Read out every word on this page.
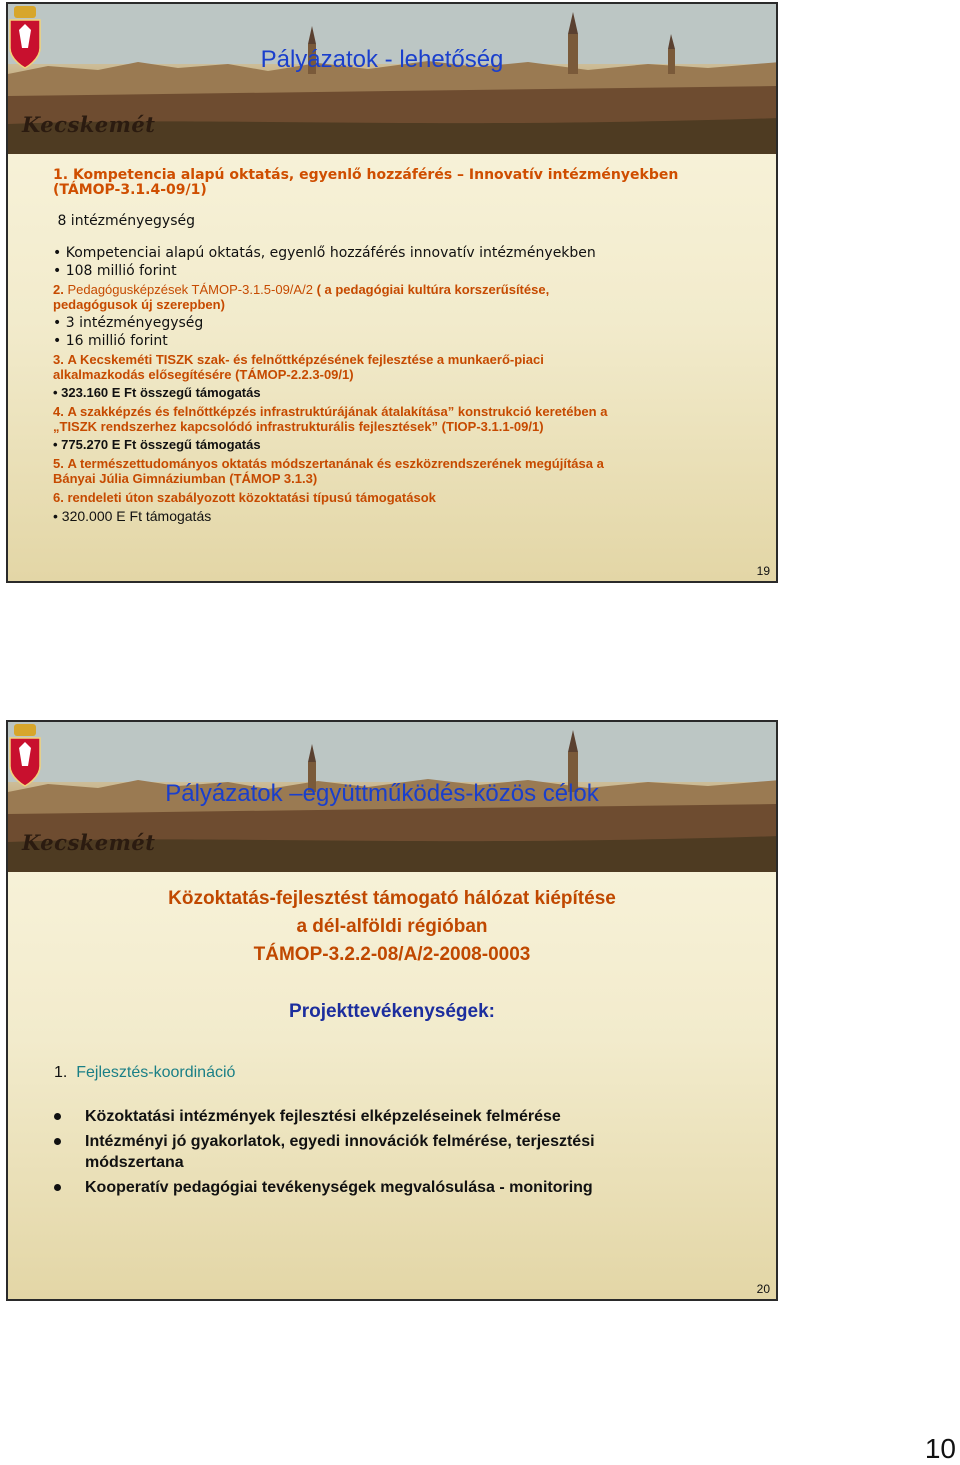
Kecskemét
Pályázatok - lehetőség

1. Kompetencia alapú oktatás, egyenlő hozzáférés – Innovatív intézményekben

(TÁMOP-3.1.4-09/1)

8 intézményegység

• Kompetenciai alapú oktatás, egyenlő hozzáférés innovatív intézményekben

• 108 millió forint

2. Pedagógusképzések TÁMOP-3.1.5-09/A/2 ( a pedagógiai kultúra korszerűsítése,

pedagógusok új szerepben)

• 3 intézményegység

• 16 millió forint

3. A Kecskeméti TISZK szak- és felnőttképzésének fejlesztése a munkaerő-piaci

alkalmazkodás elősegítésére (TÁMOP-2.2.3-09/1)

• 323.160 E Ft összegű támogatás

4. A szakképzés és felnőttképzés infrastruktúrájának átalakítása” konstrukció keretében a

„TISZK rendszerhez kapcsolódó infrastrukturális fejlesztések” (TIOP-3.1.1-09/1)

• 775.270 E Ft összegű támogatás

5. A természettudományos oktatás módszertanának és eszközrendszerének megújítása a

Bányai Júlia Gimnáziumban (TÁMOP 3.1.3)

6. rendeleti úton szabályozott közoktatási típusú támogatások

• 320.000 E Ft támogatás

19
Kecskemét
Pályázatok –együttműködés-közös célok
Közoktatás-fejlesztést támogató hálózat kiépítése
a dél-alföldi régióban
TÁMOP-3.2.2-08/A/2-2008-0003
Projekttevékenységek:
1. Fejlesztés-koordináció
Közoktatási intézmények fejlesztési elképzeléseinek felmérése
Intézményi jó gyakorlatok, egyedi innovációk felmérése, terjesztési módszertana
Kooperatív pedagógiai tevékenységek megvalósulása - monitoring
20
10
